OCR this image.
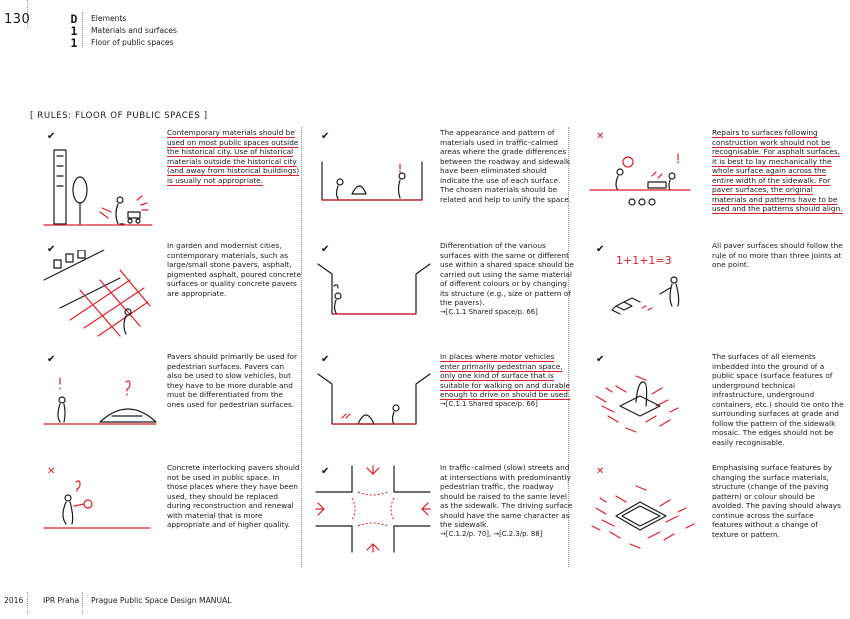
130	D
1
1
Elements
Materials and surfaces
Floor of public spaces
[ RULES: FLOOR OF PUBLIC SPACES ]
✔
✔
✔
✕
✔
✔
✔
✔
✕
✔
✔
✕
Contemporary materials should be used on most public spaces outside the historical city. Use of historical materials outside the historical city (and away from historical buildings) is usually not appropriate.
In garden and modernist cities, contemporary materials, such as large/small stone pavers, asphalt, pigmented asphalt, poured concrete surfaces or quality concrete pavers are appropriate.
Pavers should primarily be used for pedestrian surfaces. Pavers can also be used to slow vehicles, but they have to be more durable and must be differentiated from the ones used for pedestrian surfaces.
Concrete interlocking pavers should not be used in public space. In those places where they have been used, they should be replaced during reconstruction and renewal with material that is more appropriate and of higher quality.
The appearance and pattern of materials used in traffic–calmed areas where the grade differences between the roadway and sidewalk have been eliminated should indicate the use of each surface. The chosen materials should be related and help to unify the space.
Differentiation of the various surfaces with the same or different use within a shared space should be carried out using the same material of different colours or by changing its structure (e.g., size or pattern of the pavers).
→[C.1.1 Shared space/p. 66]
In places where motor vehicles enter primarily pedestrian space, only one kind of surface that is suitable for walking on and durable enough to drive on should be used.
→[C.1.1 Shared space/p. 66]
In traffic–calmed (slow) streets and at intersections with predominantly pedestrian traffic, the roadway should be raised to the same level as the sidewalk. The driving surface should have the same character as the sidewalk.
→[C.1.2/p. 70], →[C.2.3/p. 88]
Repairs to surfaces following construction work should not be recognisable. For asphalt surfaces, it is best to lay mechanically the whole surface again across the entire width of the sidewalk. For paver surfaces, the original materials and patterns have to be used and the patterns should align.
All paver surfaces should follow the rule of no more than three joints at one point.
The surfaces of all elements imbedded into the ground of a public space (surface features of underground technical infrastructure, underground containers, etc.) should tie onto the surrounding surfaces at grade and follow the pattern of the sidewalk mosaic. The edges should not be easily recognisable.
Emphasising surface features by changing the surface materials, structure (change of the paving pattern) or colour should be avoided. The paving should always continue across the surface features without a change of texture or pattern.
1+1+1=3
2016	IPR Praha Prague Public Space Design MANUAL
